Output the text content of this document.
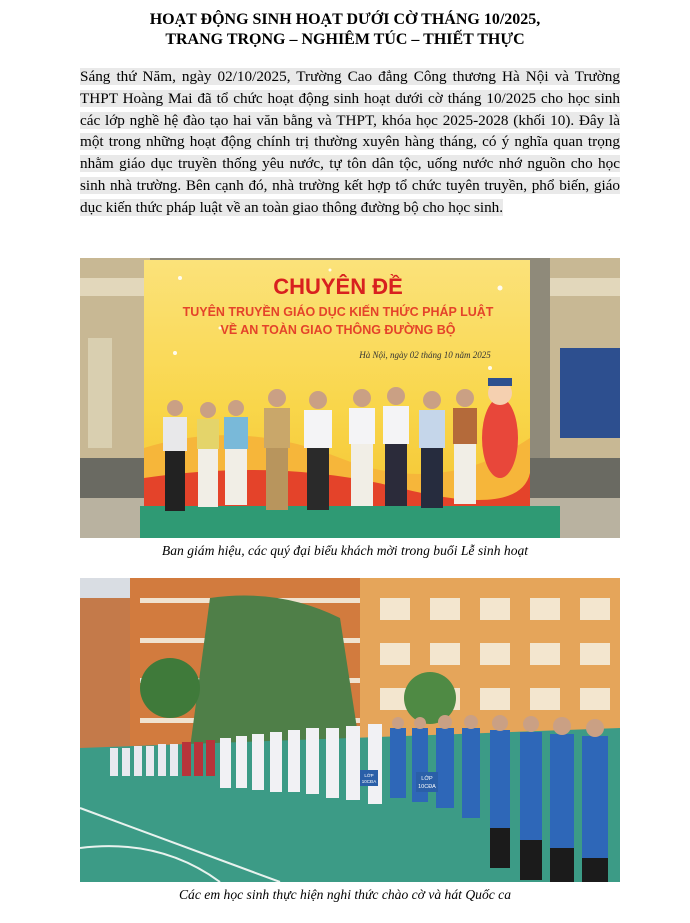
HOẠT ĐỘNG SINH HOẠT DƯỚI CỜ THÁNG 10/2025,
TRANG TRỌNG – NGHIÊM TÚC – THIẾT THỰC
Sáng thứ Năm, ngày 02/10/2025, Trường Cao đẳng Công thương Hà Nội và Trường THPT Hoàng Mai đã tổ chức hoạt động sinh hoạt dưới cờ tháng 10/2025 cho học sinh các lớp nghề hệ đào tạo hai văn bằng và THPT, khóa học 2025-2028 (khối 10). Đây là một trong những hoạt động chính trị thường xuyên hàng tháng, có ý nghĩa quan trọng nhằm giáo dục truyền thống yêu nước, tự tôn dân tộc, uống nước nhớ nguồn cho học sinh nhà trường. Bên cạnh đó, nhà trường kết hợp tổ chức tuyên truyền, phổ biến, giáo dục kiến thức pháp luật về an toàn giao thông đường bộ cho học sinh.
CHUYÊN ĐỀ
TUYÊN TRUYỀN GIÁO DỤC KIẾN THỨC PHÁP LUẬT
VỀ AN TOÀN GIAO THÔNG ĐƯỜNG BỘ
Hà Nội, ngày 02 tháng 10 năm 2025
Ban giám hiệu, các quý đại biểu khách mời trong buổi Lễ sinh hoạt
LỚP
10CĐA	LỚP
10CĐA
Các em học sinh thực hiện nghi thức chào cờ và hát Quốc ca
